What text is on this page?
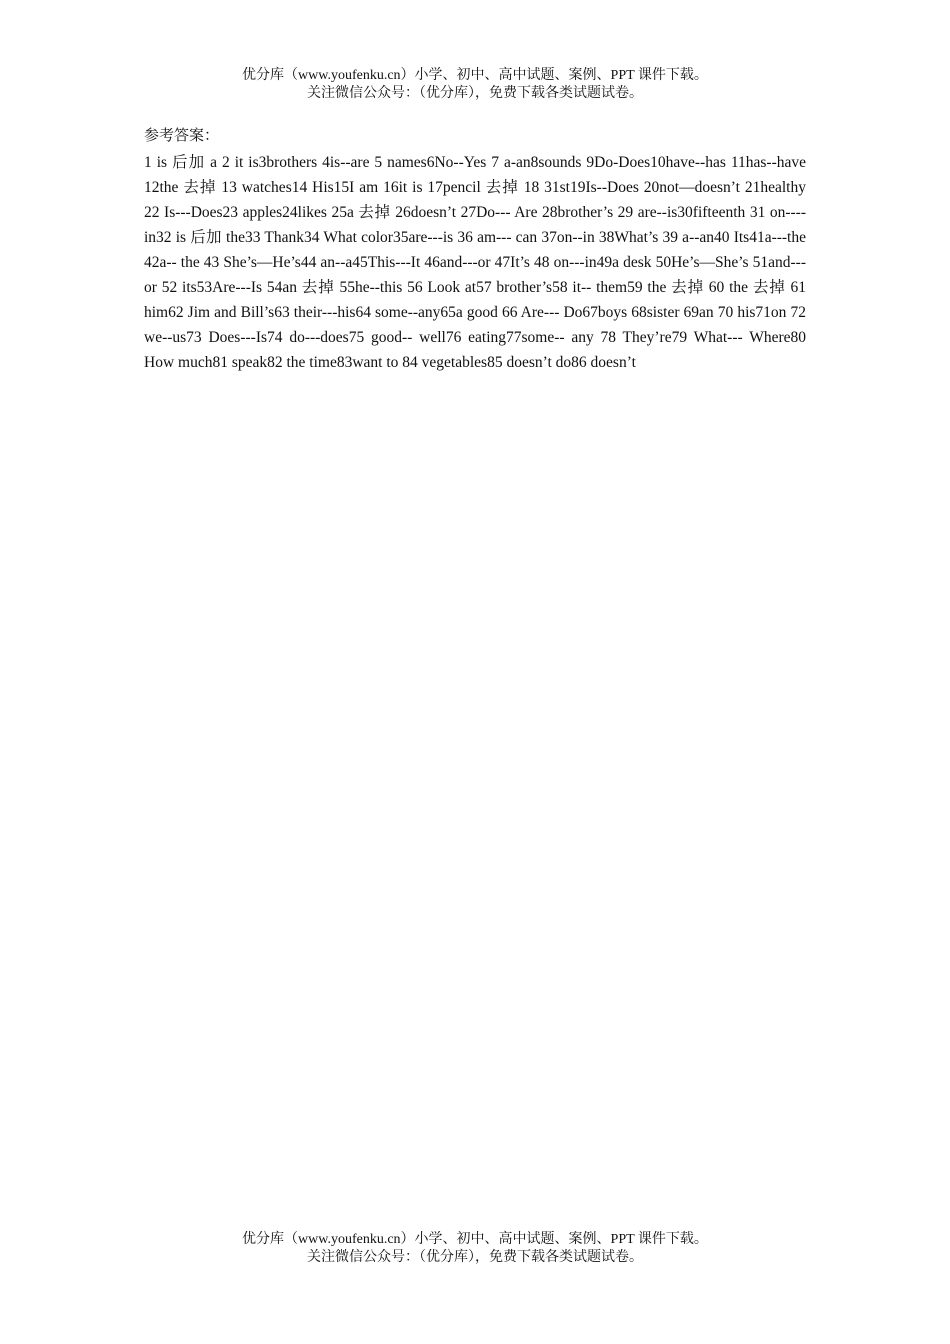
优分库（www.youfenku.cn）小学、初中、高中试题、案例、PPT 课件下载。
关注微信公众号：（优分库），免费下载各类试题试卷。
参考答案：

1 is 后加 a 2 it is3brothers 4is--are 5 names6No--Yes 7 a-an8sounds 9Do-Does10have--has 11has--have 12the 去掉 13 watches14 His15I am 16it is 17pencil 去掉 18 31st19Is--Does 20not—doesn’t 21healthy 22 Is---Does23 apples24likes 25a 去掉 26doesn’t 27Do--- Are 28brother’s 29 are--is30fifteenth 31 on---- in32 is 后加 the33 Thank34 What color35are---is 36 am--- can 37on--in 38What’s 39 a--an40 Its41a---the 42a-- the 43 She’s—He’s44 an--a45This---It 46and---or 47It’s 48 on---in49a desk 50He’s—She’s 51and---or 52 its53Are---Is 54an 去掉 55he--this 56 Look at57 brother’s58 it-- them59 the 去掉 60 the 去掉 61 him62 Jim and Bill’s63 their---his64 some--any65a good 66 Are--- Do67boys 68sister 69an 70 his71on 72 we--us73 Does---Is74 do---does75 good-- well76 eating77some-- any 78 They’re79 What--- Where80 How much81 speak82 the time83want to 84 vegetables85 doesn’t do86 doesn’t

优分库（www.youfenku.cn）小学、初中、高中试题、案例、PPT 课件下载。
关注微信公众号：（优分库），免费下载各类试题试卷。
